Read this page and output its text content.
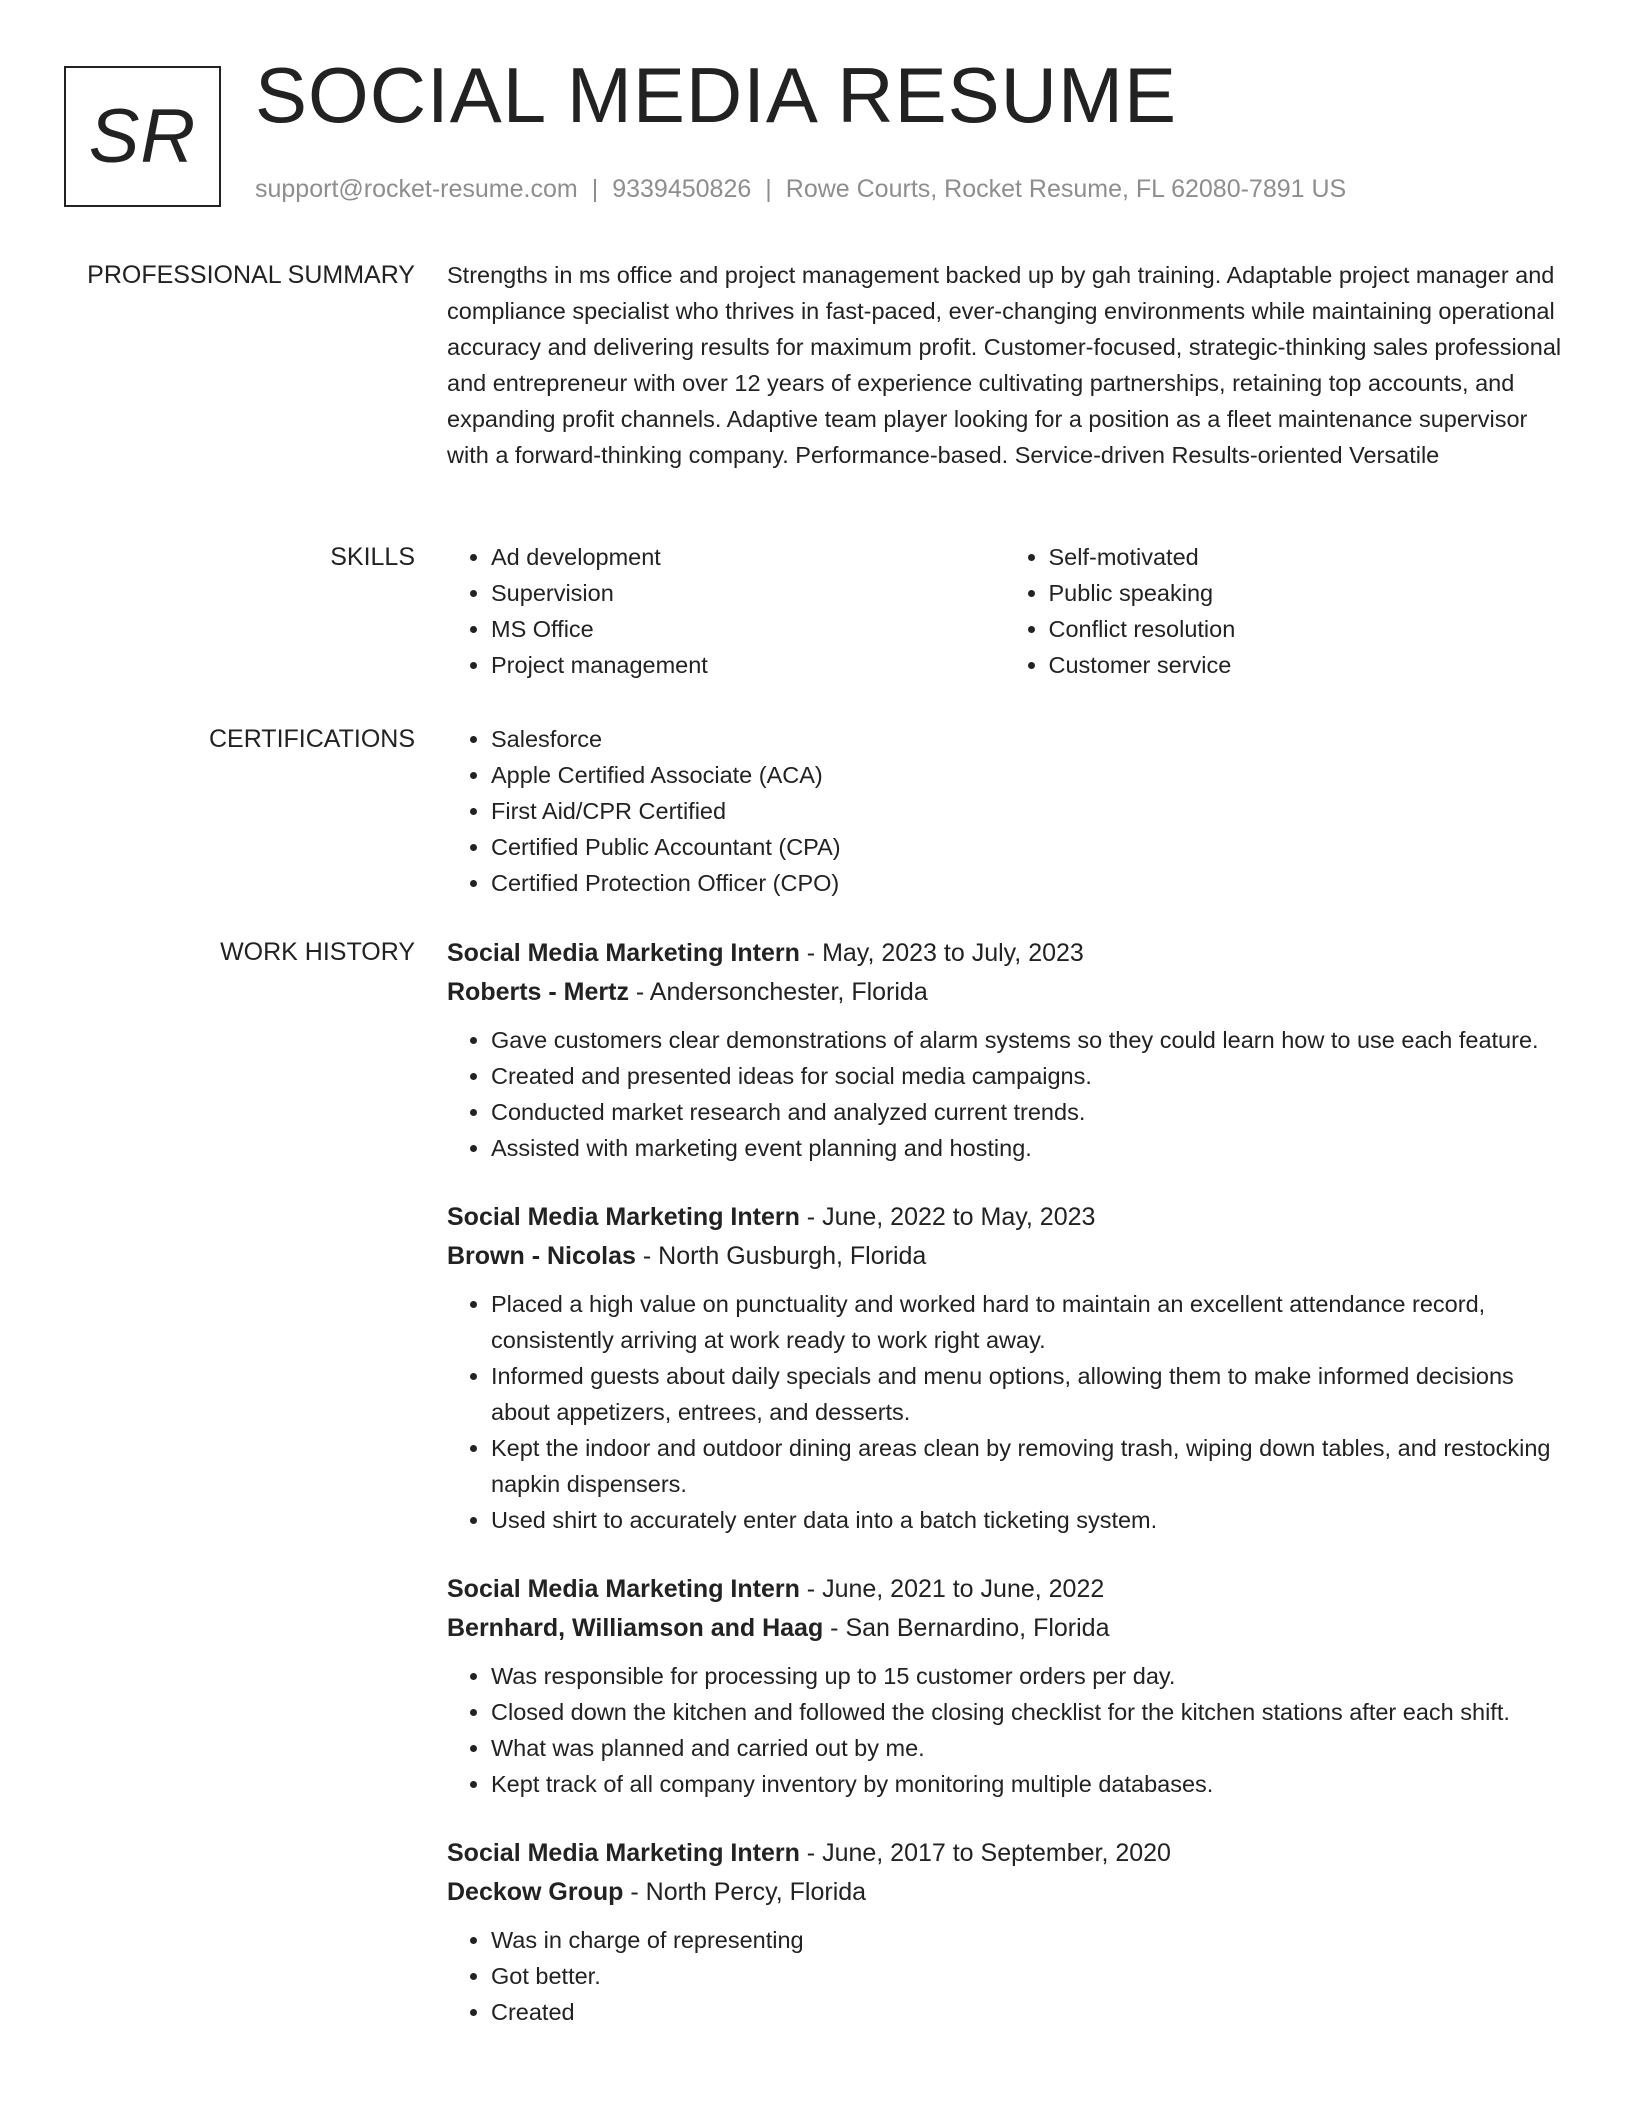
SR SOCIAL MEDIA RESUME
support@rocket-resume.com | 9339450826 | Rowe Courts, Rocket Resume, FL 62080-7891 US
PROFESSIONAL SUMMARY Strengths in ms office and project management backed up by gah training. Adaptable project manager and compliance specialist who thrives in fast-paced, ever-changing environments while maintaining operational accuracy and delivering results for maximum profit. Customer-focused, strategic-thinking sales professional and entrepreneur with over 12 years of experience cultivating partnerships, retaining top accounts, and expanding profit channels. Adaptive team player looking for a position as a fleet maintenance supervisor with a forward-thinking company. Performance-based. Service-driven Results-oriented Versatile

SKILLS	• Ad development
• Supervision
• MS Office
• Project management
• Self-motivated
• Public speaking
• Conflict resolution
• Customer service
CERTIFICATIONS	• Salesforce
• Apple Certified Associate (ACA)
• First Aid/CPR Certified
• Certified Public Accountant (CPA)
• Certified Protection Officer (CPO)
WORK HISTORY Social Media Marketing Intern - May, 2023 to July, 2023
Roberts - Mertz - Andersonchester, Florida
• Gave customers clear demonstrations of alarm systems so they could learn how to use each feature.
• Created and presented ideas for social media campaigns.
• Conducted market research and analyzed current trends.
• Assisted with marketing event planning and hosting.
Social Media Marketing Intern - June, 2022 to May, 2023
Brown - Nicolas - North Gusburgh, Florida
• Placed a high value on punctuality and worked hard to maintain an excellent attendance record, consistently arriving at work ready to work right away.
• Informed guests about daily specials and menu options, allowing them to make informed decisions about appetizers, entrees, and desserts.
• Kept the indoor and outdoor dining areas clean by removing trash, wiping down tables, and restocking napkin dispensers.
• Used shirt to accurately enter data into a batch ticketing system.
Social Media Marketing Intern - June, 2021 to June, 2022
Bernhard, Williamson and Haag - San Bernardino, Florida
• Was responsible for processing up to 15 customer orders per day.
• Closed down the kitchen and followed the closing checklist for the kitchen stations after each shift.
• What was planned and carried out by me.
• Kept track of all company inventory by monitoring multiple databases.
Social Media Marketing Intern - June, 2017 to September, 2020
Deckow Group - North Percy, Florida
• Was in charge of representing
• Got better.
• Created
